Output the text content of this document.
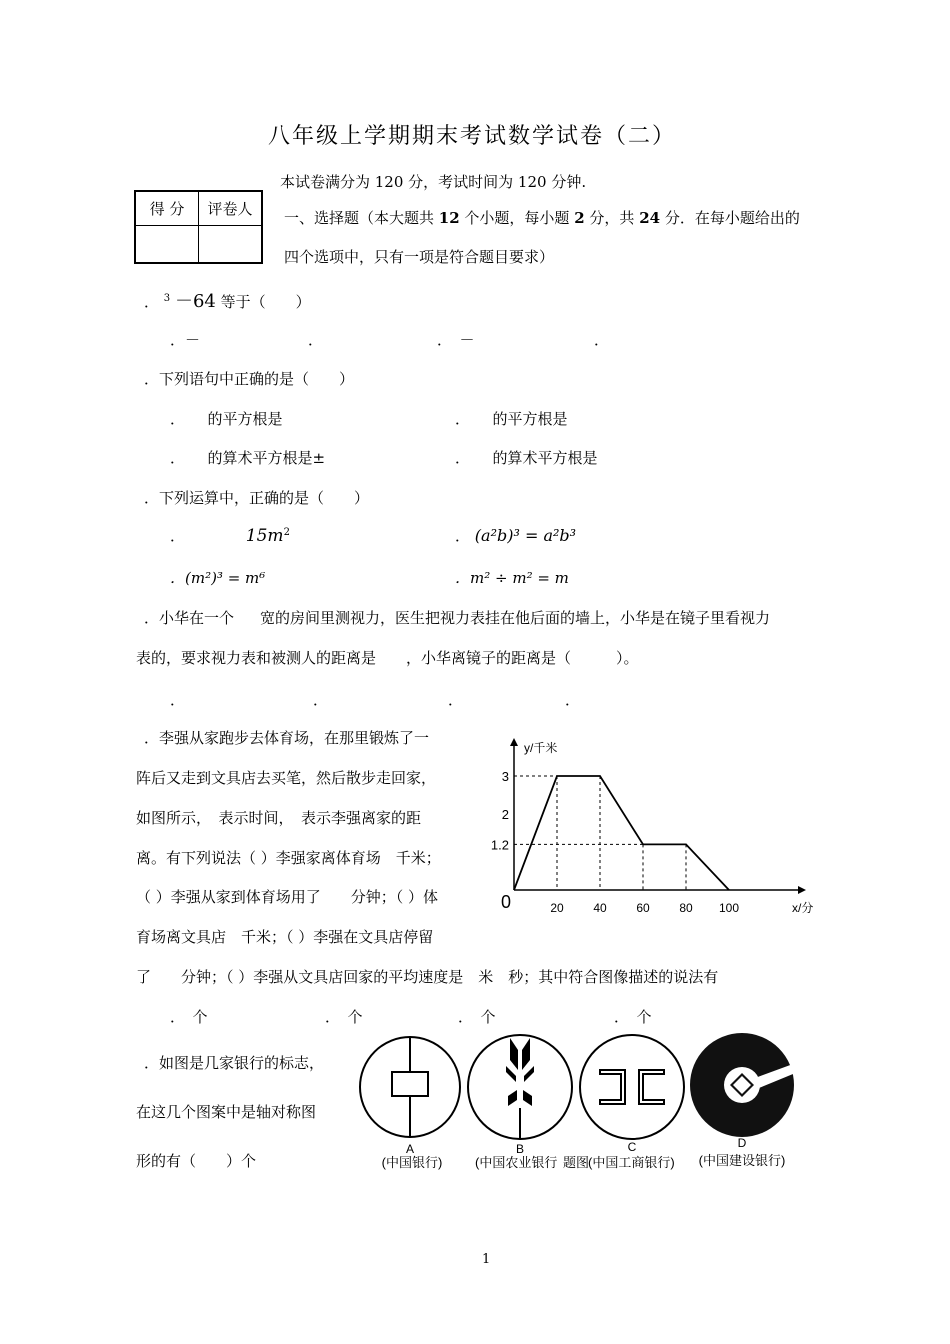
八年级上学期期末考试数学试卷（二）
本试卷满分为 120 分，考试时间为 120 分钟.
得 分	评卷人
	一、选择题（本大题共 12 个小题，每小题 2 分，共 24 分．在每小题给出的
四个选项中，只有一项是符合题目要求）
． $^3$ －64 等于（　　）
．－	．	．　－	．
．下列语句中正确的是（　　）
．　　的平方根是	．　　的平方根是
．　　的算术平方根是±	．　　的算术平方根是
．下列运算中，正确的是（　　）
．	$15m^2$	． (a²b)³ = a²b³
．(m²)³ = m⁶	．m² ÷ m² = m
．小华在一个 宽的房间里测视力，医生把视力表挂在他后面的墙上，小华是在镜子里看视力
表的，要求视力表和被测人的距离是　　，小华离镜子的距离是（　　　）。
．	．	．	．
．李强从家跑步去体育场，在那里锻炼了一
阵后又走到文具店去买笔，然后散步走回家，
如图所示，　表示时间，　表示李强离家的距
离。有下列说法（ ）李强家离体育场　千米；
（ ）李强从家到体育场用了　　分钟；（ ）体
育场离文具店　千米；（ ）李强在文具店停留
了　　分钟；（ ）李强从文具店回家的平均速度是　米　秒；其中符合图像描述的说法有
．　个	．　个	．　个	．　个
1.2
2
3
20 40 60 80 100
0
y/千米
x/分
．如图是几家银行的标志，
在这几个图案中是轴对称图
形的有（　　）个
A	B	C	D
(中国银行)	(中国农业银行 题图
(中国工商银行) (中国建设银行)
1
